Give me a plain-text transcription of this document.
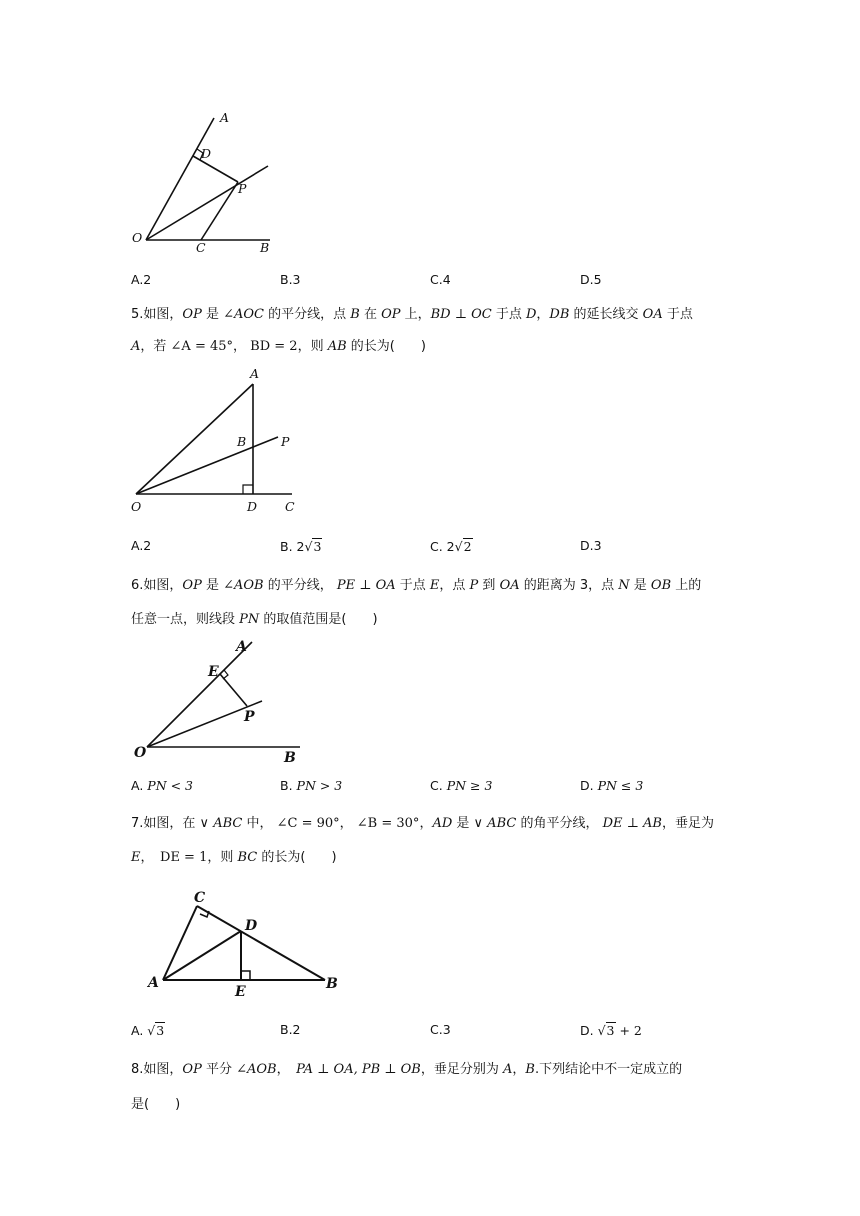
A
D
P
O
C	B
A.2	B.3	C.4	D.5
5.如图，OP 是 ∠AOC 的平分线，点 B 在 OP 上，BD ⊥ OC 于点 D，DB 的延长线交 OA 于点
A，若 ∠A = 45°， BD = 2，则 AB 的长为(　　)
A
B	P
O	D C
A.2	B. 2√3	C. 2√2	D.3
6.如图，OP 是 ∠AOB 的平分线， PE ⊥ OA 于点 E，点 P 到 OA 的距离为 3，点 N 是 OB 上的
任意一点，则线段 PN 的取值范围是(　　)
A
E
P
O	B
A. PN < 3	B. PN > 3	C. PN ≥ 3	D. PN ≤ 3
7.如图，在 ∨ ABC 中， ∠C = 90°， ∠B = 30°，AD 是 ∨ ABC 的角平分线， DE ⊥ AB，垂足为
E，　DE = 1，则 BC 的长为(　　)
C
D
A
E	B
A. √3	B.2	C.3	D. √3 + 2
8.如图，OP 平分 ∠AOB，　PA ⊥ OA, PB ⊥ OB，垂足分别为 A，B.下列结论中不一定成立的
是(　　)
